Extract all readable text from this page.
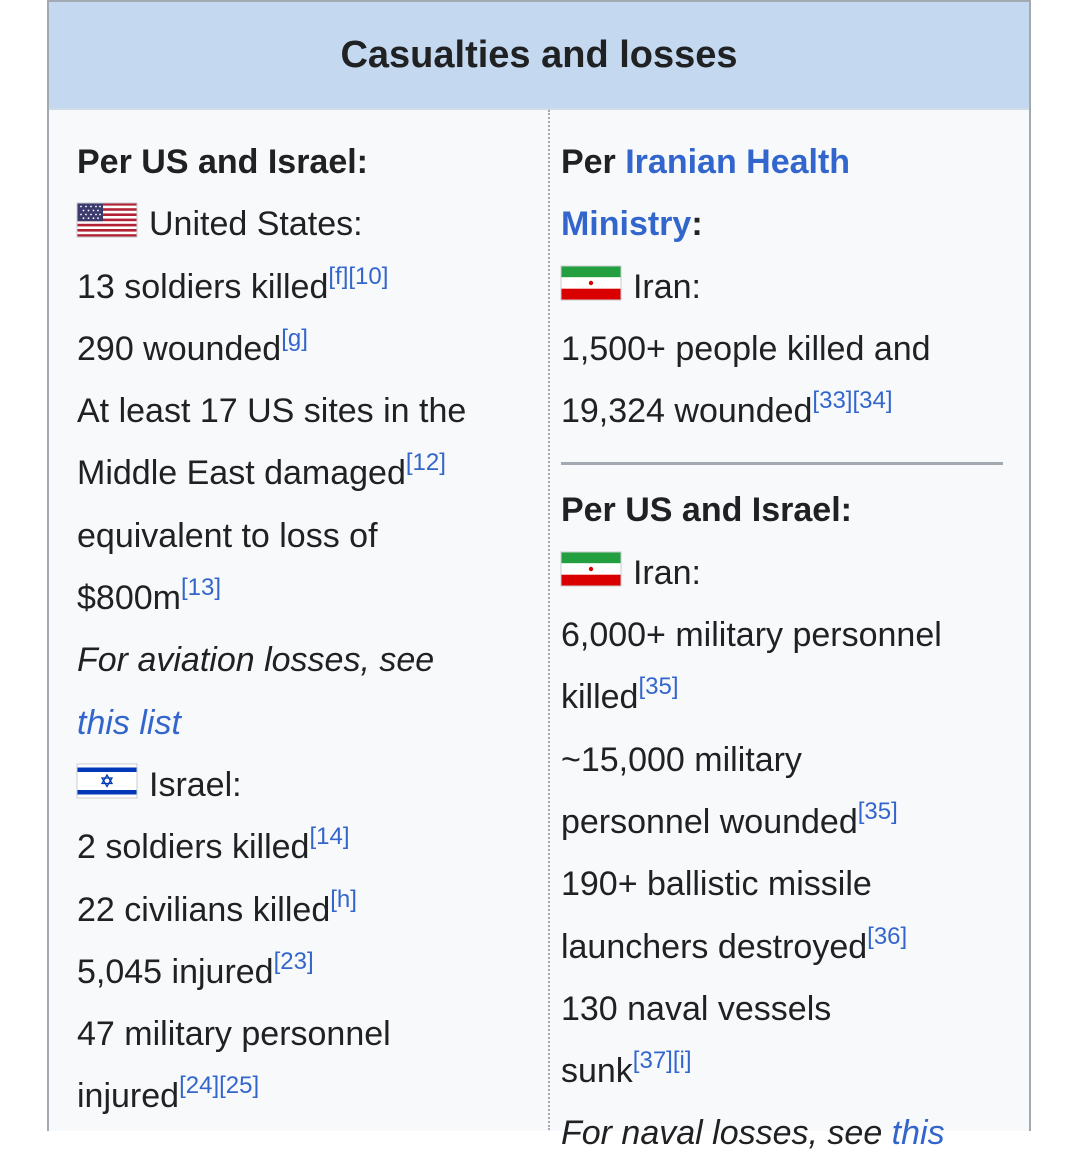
Casualties and losses
Per US and Israel:
United States:
13 soldiers killed[f][10]
290 wounded[g]
At least 17 US sites in the
Middle East damaged[12]
equivalent to loss of
$800m[13]
For aviation losses, see
this list
Israel:
2 soldiers killed[14]
22 civilians killed[h]
5,045 injured[23]
47 military personnel
injured[24][25]
Per Iranian Health
Ministry:
Iran:
1,500+ people killed and
19,324 wounded[33][34]
Per US and Israel:
Iran:
6,000+ military personnel
killed[35]
~15,000 military
personnel wounded[35]
190+ ballistic missile
launchers destroyed[36]
130 naval vessels
sunk[37][i]
For naval losses, see this
